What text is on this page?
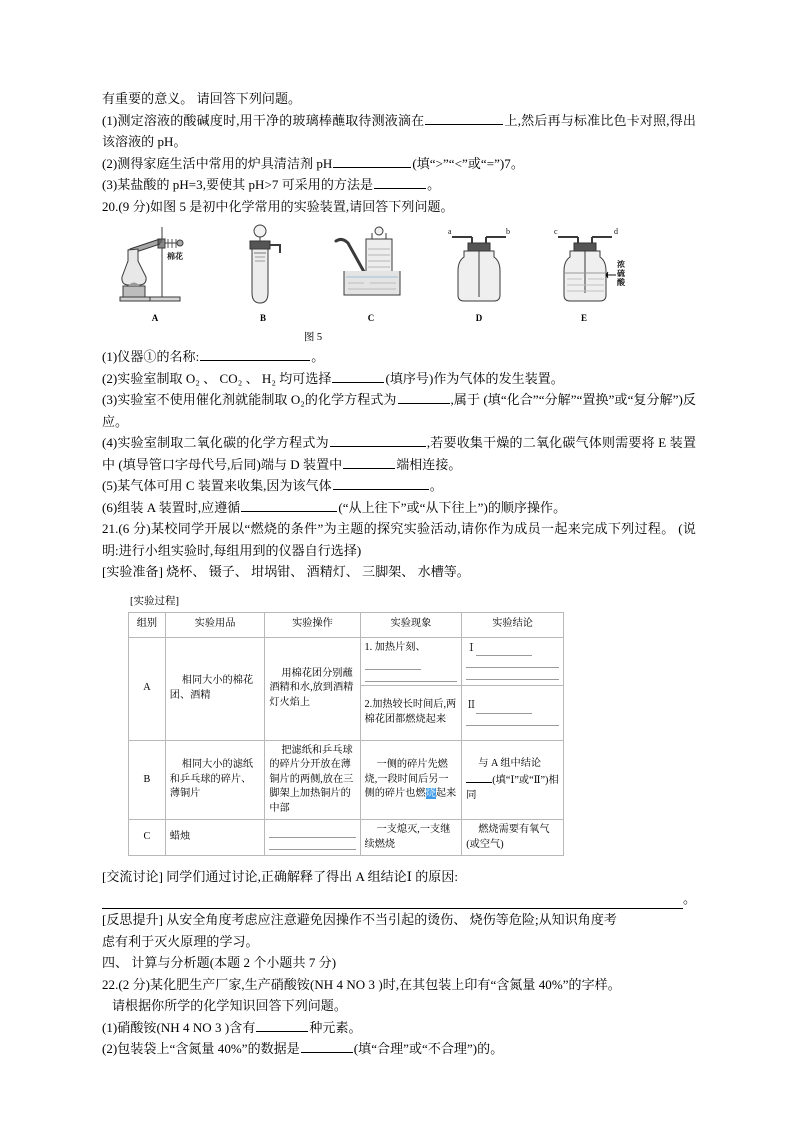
有重要的意义。 请回答下列问题。

(1)测定溶液的酸碱度时,用干净的玻璃棒蘸取待测液滴在	上,然后再与标准比色卡对照,得出该溶液的 pH。

(2)测得家庭生活中常用的炉具清洁剂 pH	(填“>”“<”或“=”)7。

(3)某盐酸的 pH=3,要使其 pH>7 可采用的方法是	。

20.(9 分)如图 5 是初中化学常用的实验装置,请回答下列问题。

棉花
A	B	C
a	b
D
c	d
浓
硫
酸
E
图 5

(1)仪器①的名称:	。

(2)实验室制取 O₂ 、 CO₂ 、 H₂ 均可选择	(填序号)作为气体的发生装置。

(3)实验室不使用催化剂就能制取 O₂的化学方程式为	,属于 (填“化合”“分解”“置换”或“复分解”)反应。

(4)实验室制取二氧化碳的化学方程式为	,若要收集干燥的二氧化碳气体则需要将 E 装置中 (填导管口字母代号,后同)端与 D 装置中	端相连接。

(5)某气体可用 C 装置来收集,因为该气体	。

(6)组装 A 装置时,应遵循	(“从上往下”或“从下往上”)的顺序操作。

21.(6 分)某校同学开展以“燃烧的条件”为主题的探究实验活动,请你作为成员一起来完成下列过程。 (说明:进行小组实验时,每组用到的仪器自行选择)

[实验准备] 烧杯、 镊子、 坩埚钳、 酒精灯、 三脚架、 水槽等。

[实验过程]
组别	实验用品	实验操作	实验现象	实验结论
A	相同大小的棉花团、酒精	用棉花团分别蘸酒精和水,放到酒精灯火焰上	1. 加热片刻、	Ⅰ

			2.加热较长时间后,两棉花团都燃烧起来	Ⅱ

B	相同大小的滤纸和乒乓球的碎片、薄铜片	把滤纸和乒乓球的碎片分开放在薄铜片的两侧,放在三脚架上加热铜片的中部	一侧的碎片先燃烧,一段时间后另一侧的碎片也燃烧起来	与 A 组中结论(填“Ⅰ”或“Ⅱ”)相同
C	蜡烛		一支熄灭,一支继续燃烧	燃烧需要有氧气(或空气)

[交流讨论] 同学们通过讨论,正确解释了得出 A 组结论Ⅰ 的原因:

。

[反思提升] 从安全角度考虑应注意避免因操作不当引起的烫伤、 烧伤等危险;从知识角度考

虑有利于灭火原理的学习。

四、 计算与分析题(本题 2 个小题共 7 分)

22.(2 分)某化肥生产厂家,生产硝酸铵(NH 4 NO 3 )时,在其包装上印有“含氮量 40%”的字样。

请根据你所学的化学知识回答下列问题。

(1)硝酸铵(NH 4 NO 3 )含有	种元素。

(2)包装袋上“含氮量 40%”的数据是	(填“合理”或“不合理”)的。
